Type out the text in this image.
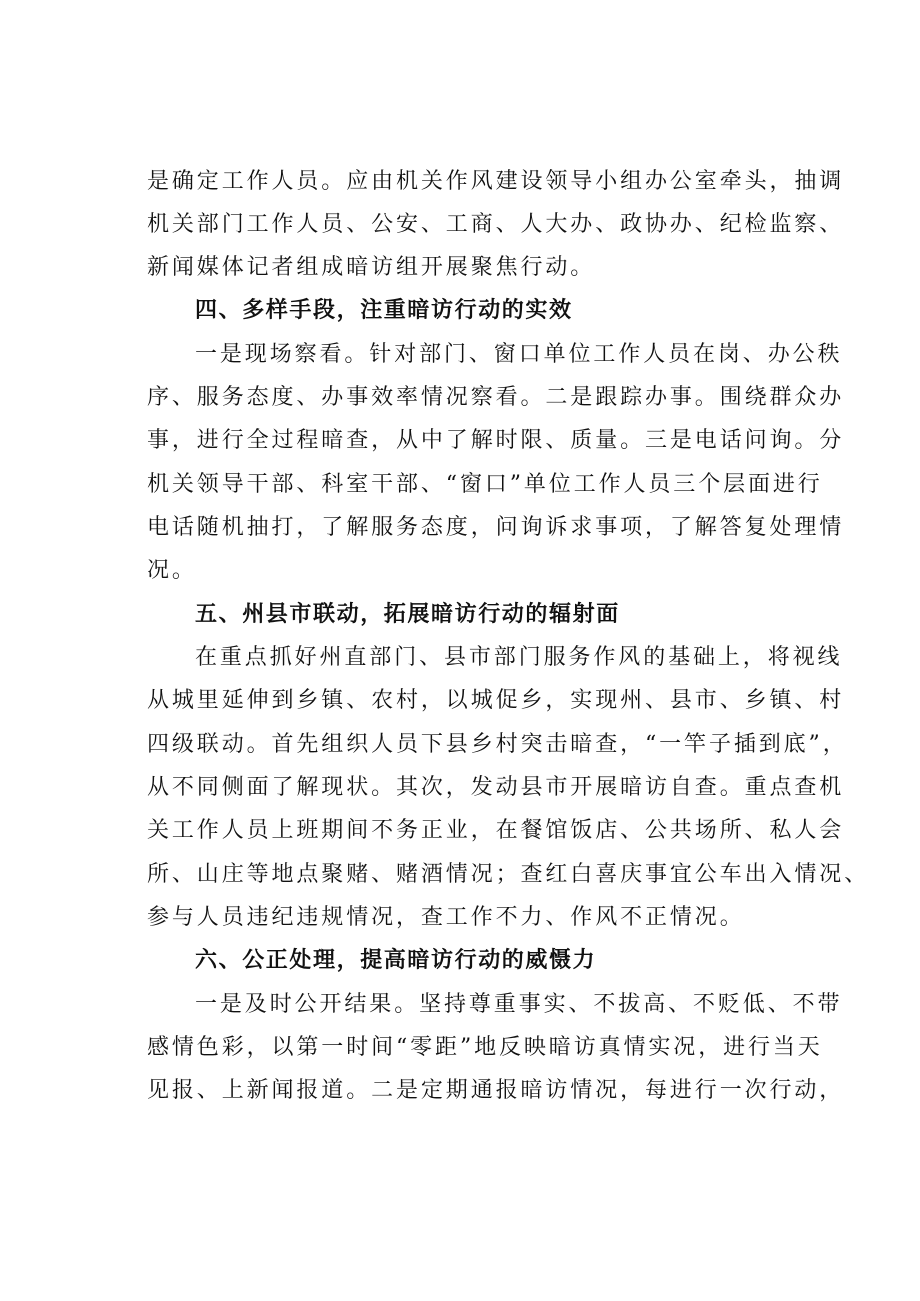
是确定工作人员。应由机关作风建设领导小组办公室牵头，抽调
机关部门工作人员、公安、工商、人大办、政协办、纪检监察、
新闻媒体记者组成暗访组开展聚焦行动。
四、多样手段，注重暗访行动的实效
一是现场察看。针对部门、窗口单位工作人员在岗、办公秩
序、服务态度、办事效率情况察看。二是跟踪办事。围绕群众办
事，进行全过程暗查，从中了解时限、质量。三是电话问询。分
机关领导干部、科室干部、“窗口”单位工作人员三个层面进行
电话随机抽打，了解服务态度，问询诉求事项，了解答复处理情
况。
五、州县市联动，拓展暗访行动的辐射面
在重点抓好州直部门、县市部门服务作风的基础上，将视线
从城里延伸到乡镇、农村，以城促乡，实现州、县市、乡镇、村
四级联动。首先组织人员下县乡村突击暗查，“一竿子插到底”，
从不同侧面了解现状。其次，发动县市开展暗访自查。重点查机
关工作人员上班期间不务正业，在餐馆饭店、公共场所、私人会
所、山庄等地点聚赌、赌酒情况；查红白喜庆事宜公车出入情况、
参与人员违纪违规情况，查工作不力、作风不正情况。
六、公正处理，提高暗访行动的威慑力
一是及时公开结果。坚持尊重事实、不拔高、不贬低、不带
感情色彩，以第一时间“零距”地反映暗访真情实况，进行当天
见报、上新闻报道。二是定期通报暗访情况，每进行一次行动，
